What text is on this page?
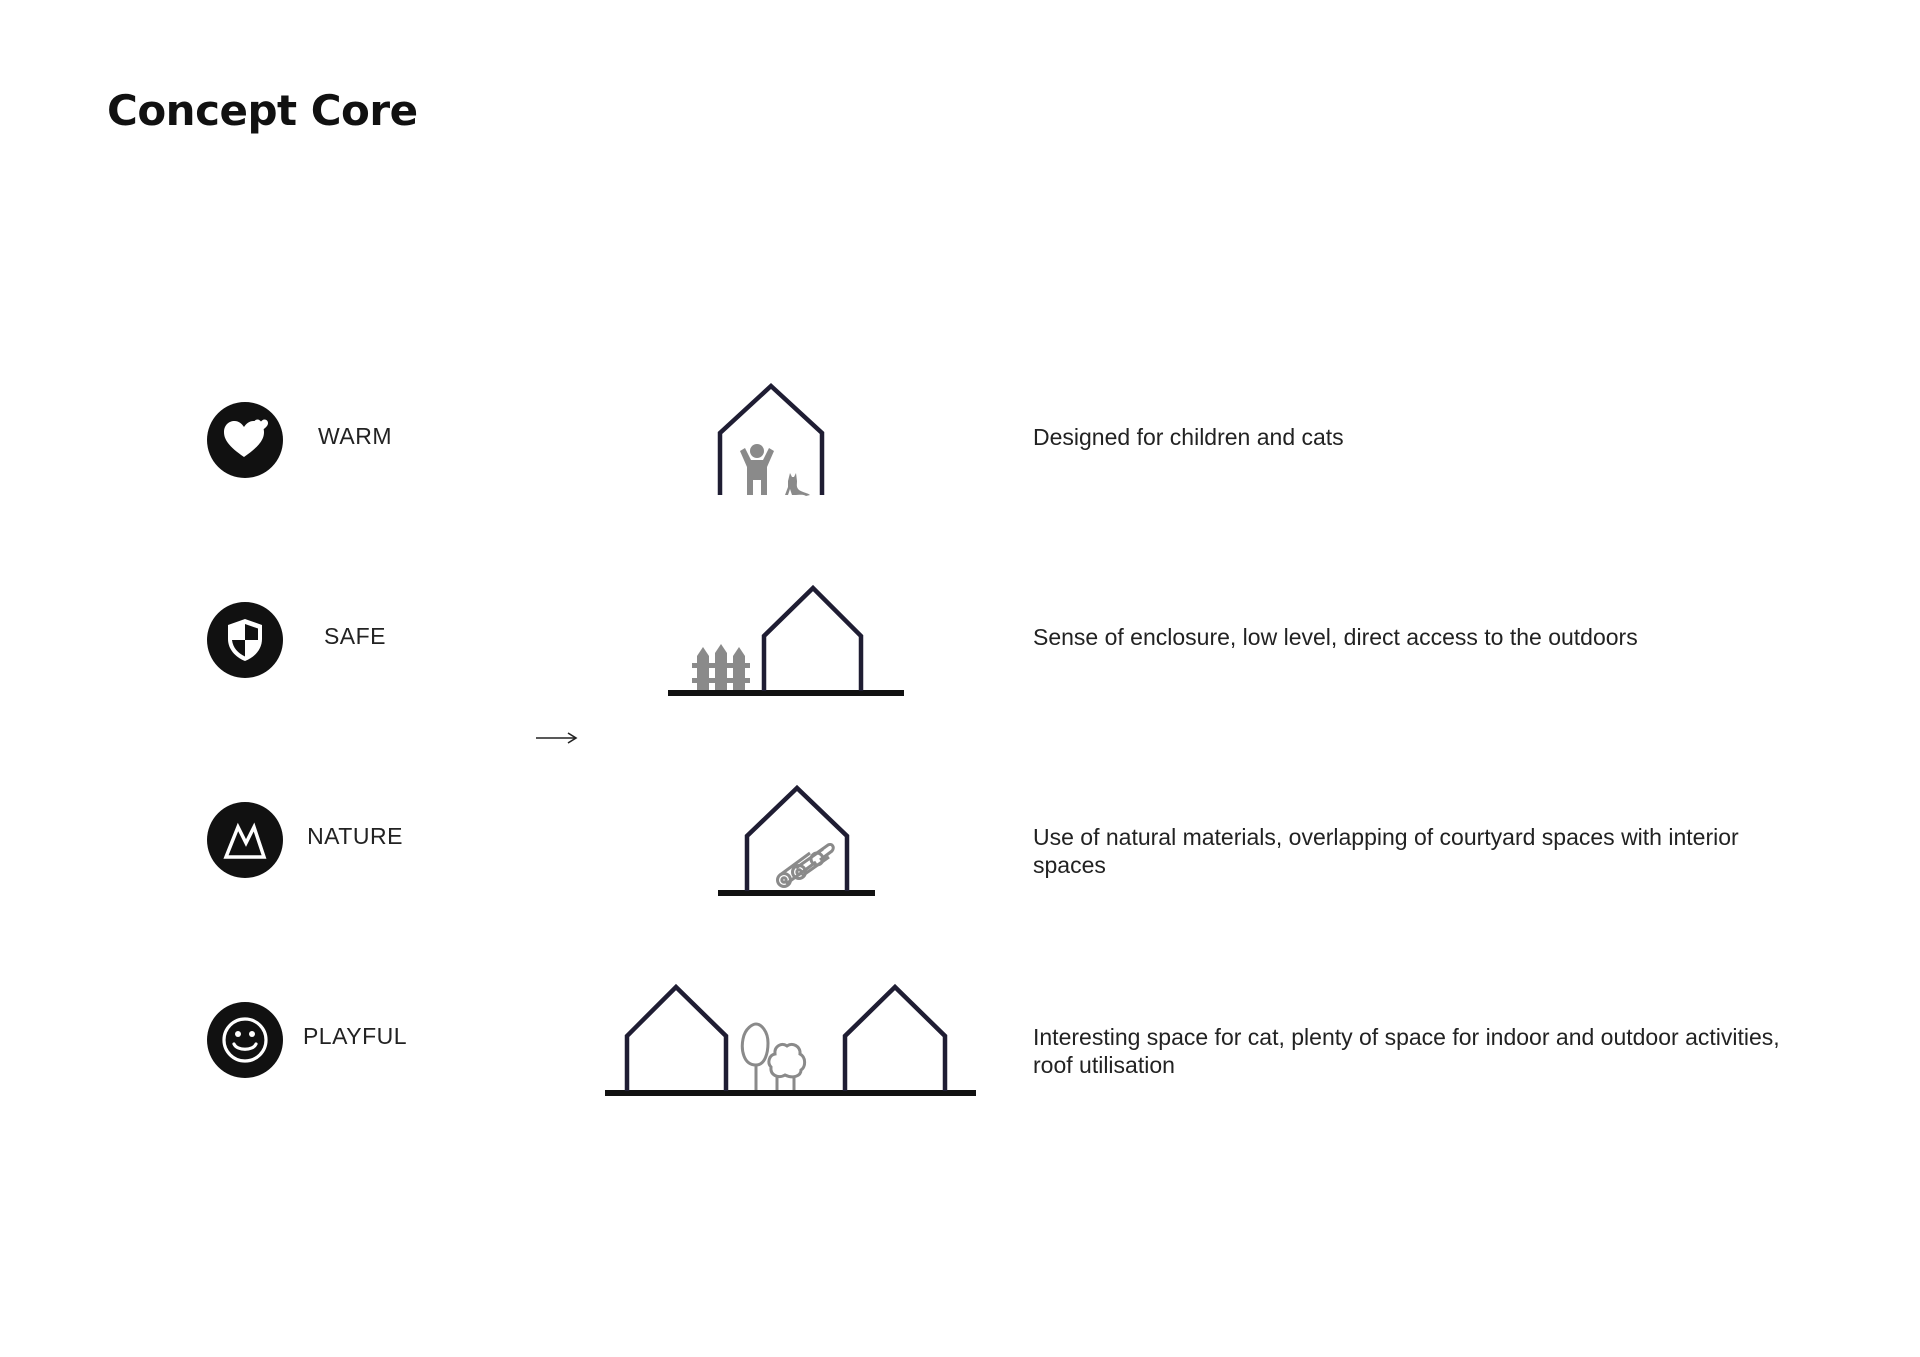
Concept Core
WARM	Designed for children and cats
SAFE	Sense of enclosure, low level, direct access to the outdoors
NATURE	Use of natural materials, overlapping of courtyard spaces with interior spaces
PLAYFUL	Interesting space for cat, plenty of space for indoor and outdoor activities, roof utilisation
